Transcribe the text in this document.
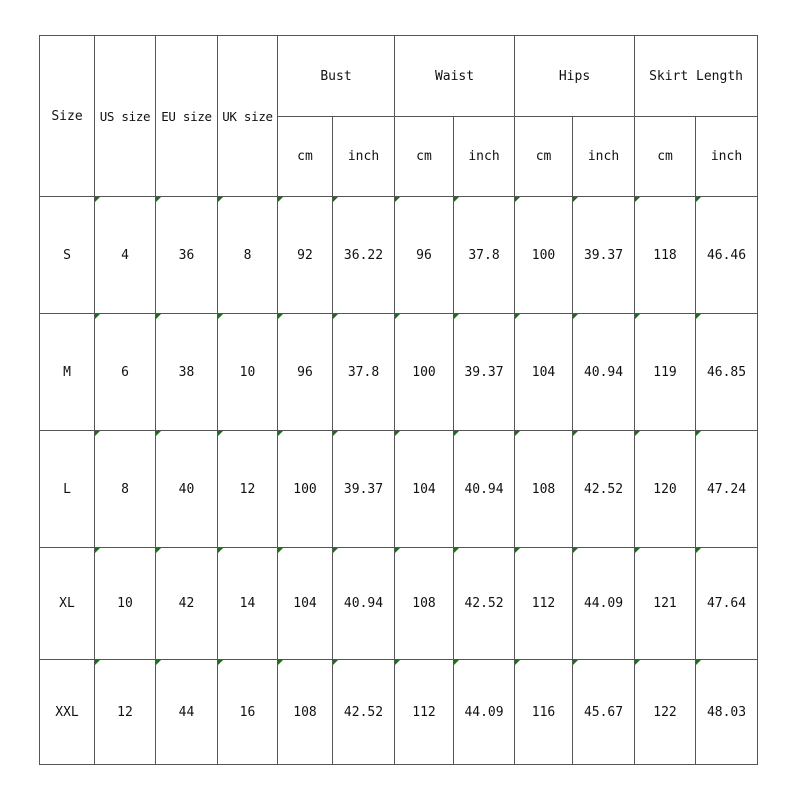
Size	US size	EU size	UK size	Bust		Waist		Hips		Skirt Length	
				cm	inch	cm	inch	cm	inch	cm	inch
S	4	36	8	92	36.22	96	37.8	100	39.37	118	46.46
M	6	38	10	96	37.8	100	39.37	104	40.94	119	46.85
L	8	40	12	100	39.37	104	40.94	108	42.52	120	47.24
XL	10	42	14	104	40.94	108	42.52	112	44.09	121	47.64
XXL	12	44	16	108	42.52	112	44.09	116	45.67	122	48.03
